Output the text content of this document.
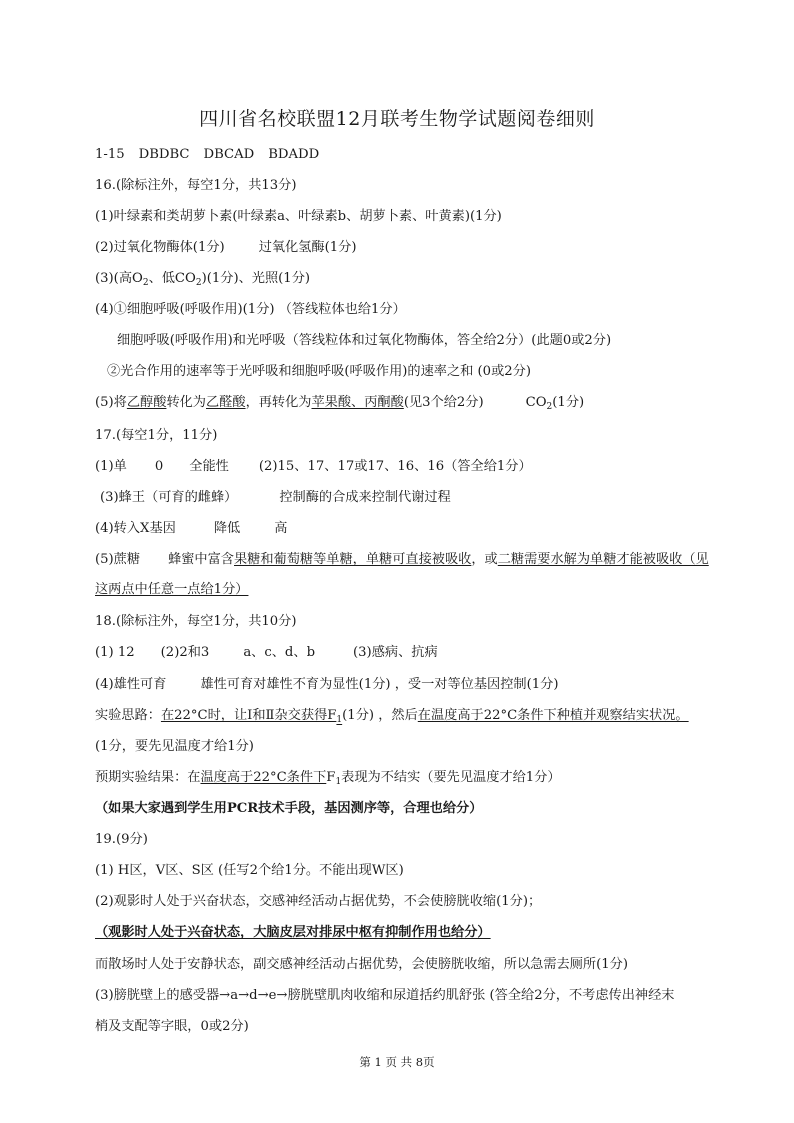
四川省名校联盟12月联考生物学试题阅卷细则
1-15 DBDBC DBCAD BDADD
16.(除标注外，每空1分，共13分)
(1)叶绿素和类胡萝卜素(叶绿素a、叶绿素b、胡萝卜素、叶黄素)(1分)
(2)过氧化物酶体(1分)	过氧化氢酶(1分)
(3)(高$O_2$、低$CO_2)(1$分)、光照(1分)
(4)①细胞呼吸(呼吸作用)(1分) （答线粒体也给1分）
细胞呼吸(呼吸作用)和光呼吸（答线粒体和过氧化物酶体，答全给2分）(此题0或2分)
②光合作用的速率等于光呼吸和细胞呼吸(呼吸作用)的速率之和 (0或2分)
(5)将乙醇酸转化为乙醛酸，再转化为苹果酸、丙酮酸(见3个给2分)	$CO_2(1$分)
17.(每空1分，11分)
(1)单 0 全能性 (2)15、17、17或17、16、16（答全给1分）
(3)蜂王（可育的雌蜂）	控制酶的合成来控制代谢过程
(4)转入X基因	降低	高
(5)蔗糖 蜂蜜中富含果糖和葡萄糖等单糖，单糖可直接被吸收，或二糖需要水解为单糖才能被吸收（见
这两点中任意一点给1分）
18.(除标注外，每空1分，共10分)
(1) 12 (2)2和3	a、c、d、b	(3)感病、抗病
(4)雄性可育	雄性可育对雄性不育为显性(1分) ，受一对等位基因控制(1分)
实验思路：在22°C时，让Ⅰ和Ⅱ杂交获得$F_1(1$分) ，然后在温度高于22°C条件下种植并观察结实状况。
(1分，要先见温度才给1分)
预期实验结果：在温度高于22°C条件下$F_1$表现为不结实（要先见温度才给1分）
（如果大家遇到学生用PCR技术手段，基因测序等，合理也给分）
19.(9分)
(1) H区，V区、S区 (任写2个给1分。不能出现W区)
(2)观影时人处于兴奋状态，交感神经活动占据优势，不会使膀胱收缩(1分)；
（观影时人处于兴奋状态，大脑皮层对排尿中枢有抑制作用也给分）
而散场时人处于安静状态，副交感神经活动占据优势，会使膀胱收缩，所以急需去厕所(1分)
(3)膀胱壁上的感受器→a→d→e→膀胱壁肌肉收缩和尿道括约肌舒张 (答全给2分，不考虑传出神经末
梢及支配等字眼，0或2分)
第 1 页 共 8页
